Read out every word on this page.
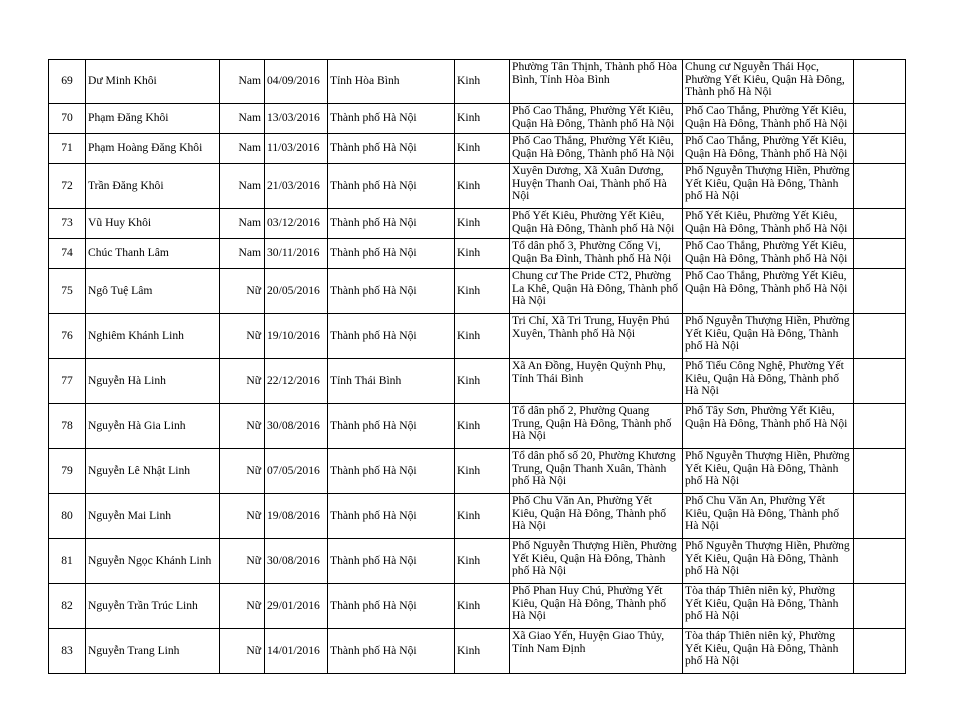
69	Dư Minh Khôi	Nam	04/09/2016	Tỉnh Hòa Bình	Kinh	Phường Tân Thịnh, Thành phố Hòa Bình, Tỉnh Hòa Bình	Chung cư Nguyễn Thái Học, Phường Yết Kiêu, Quận Hà Đông, Thành phố Hà Nội	
70	Phạm Đăng Khôi	Nam	13/03/2016	Thành phố Hà Nội	Kinh	Phố Cao Thắng, Phường Yết Kiêu, Quận Hà Đông, Thành phố Hà Nội	Phố Cao Thắng, Phường Yết Kiêu, Quận Hà Đông, Thành phố Hà Nội	
71	Phạm Hoàng Đăng Khôi	Nam	11/03/2016	Thành phố Hà Nội	Kinh	Phố Cao Thắng, Phường Yết Kiêu, Quận Hà Đông, Thành phố Hà Nội	Phố Cao Thắng, Phường Yết Kiêu, Quận Hà Đông, Thành phố Hà Nội	
72	Trần Đăng Khôi	Nam	21/03/2016	Thành phố Hà Nội	Kinh	Xuyên Dương, Xã Xuân Dương, Huyện Thanh Oai, Thành phố Hà Nội	Phố Nguyễn Thượng Hiền, Phường Yết Kiêu, Quận Hà Đông, Thành phố Hà Nội	
73	Vũ Huy Khôi	Nam	03/12/2016	Thành phố Hà Nội	Kinh	Phố Yết Kiêu, Phường Yết Kiêu, Quận Hà Đông, Thành phố Hà Nội	Phố Yết Kiêu, Phường Yết Kiêu, Quận Hà Đông, Thành phố Hà Nội	
74	Chúc Thanh Lâm	Nam	30/11/2016	Thành phố Hà Nội	Kinh	Tổ dân phố 3, Phường Cống Vị, Quận Ba Đình, Thành phố Hà Nội	Phố Cao Thắng, Phường Yết Kiêu, Quận Hà Đông, Thành phố Hà Nội	
75	Ngô Tuệ Lâm	Nữ	20/05/2016	Thành phố Hà Nội	Kinh	Chung cư The Pride CT2, Phường La Khê, Quận Hà Đông, Thành phố Hà Nội	Phố Cao Thắng, Phường Yết Kiêu, Quận Hà Đông, Thành phố Hà Nội	
76	Nghiêm Khánh Linh	Nữ	19/10/2016	Thành phố Hà Nội	Kinh	Tri Chỉ, Xã Tri Trung, Huyện Phú Xuyên, Thành phố Hà Nội	Phố Nguyễn Thượng Hiền, Phường Yết Kiêu, Quận Hà Đông, Thành phố Hà Nội	
77	Nguyễn Hà Linh	Nữ	22/12/2016	Tỉnh Thái Bình	Kinh	Xã An Đồng, Huyện Quỳnh Phụ, Tỉnh Thái Bình	Phố Tiểu Công Nghệ, Phường Yết Kiêu, Quận Hà Đông, Thành phố Hà Nội	
78	Nguyễn Hà Gia Linh	Nữ	30/08/2016	Thành phố Hà Nội	Kinh	Tổ dân phố 2, Phường Quang Trung, Quận Hà Đông, Thành phố Hà Nội	Phố Tây Sơn, Phường Yết Kiêu, Quận Hà Đông, Thành phố Hà Nội	
79	Nguyễn Lê Nhật Linh	Nữ	07/05/2016	Thành phố Hà Nội	Kinh	Tổ dân phố số 20, Phường Khương Trung, Quận Thanh Xuân, Thành phố Hà Nội	Phố Nguyễn Thượng Hiền, Phường Yết Kiêu, Quận Hà Đông, Thành phố Hà Nội	
80	Nguyễn Mai Linh	Nữ	19/08/2016	Thành phố Hà Nội	Kinh	Phố Chu Văn An, Phường Yết Kiêu, Quận Hà Đông, Thành phố Hà Nội	Phố Chu Văn An, Phường Yết Kiêu, Quận Hà Đông, Thành phố Hà Nội	
81	Nguyễn Ngọc Khánh Linh	Nữ	30/08/2016	Thành phố Hà Nội	Kinh	Phố Nguyễn Thượng Hiền, Phường Yết Kiêu, Quận Hà Đông, Thành phố Hà Nội	Phố Nguyễn Thượng Hiền, Phường Yết Kiêu, Quận Hà Đông, Thành phố Hà Nội	
82	Nguyễn Trần Trúc Linh	Nữ	29/01/2016	Thành phố Hà Nội	Kinh	Phố Phan Huy Chú, Phường Yết Kiêu, Quận Hà Đông, Thành phố Hà Nội	Tòa tháp Thiên niên kỷ, Phường Yết Kiêu, Quận Hà Đông, Thành phố Hà Nội	
83	Nguyễn Trang Linh	Nữ	14/01/2016	Thành phố Hà Nội	Kinh	Xã Giao Yến, Huyện Giao Thủy, Tỉnh Nam Định	Tòa tháp Thiên niên kỷ, Phường Yết Kiêu, Quận Hà Đông, Thành phố Hà Nội	
